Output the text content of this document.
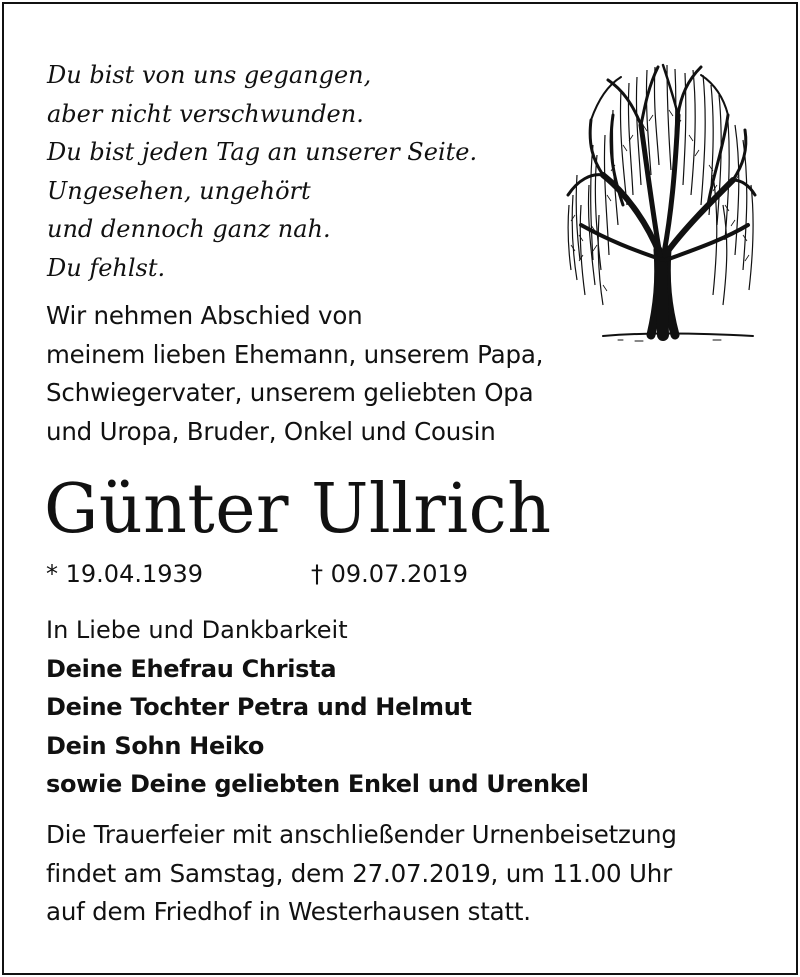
Du bist von uns gegangen,
aber nicht verschwunden.
Du bist jeden Tag an unserer Seite.
Ungesehen, ungehört
und dennoch ganz nah.
Du fehlst.
Wir nehmen Abschied von
meinem lieben Ehemann, unserem Papa,
Schwiegervater, unserem geliebten Opa
und Uropa, Bruder, Onkel und Cousin
Günter Ullrich
* 19.04.1939	† 09.07.2019
In Liebe und Dankbarkeit
Deine Ehefrau Christa
Deine Tochter Petra und Helmut
Dein Sohn Heiko
sowie Deine geliebten Enkel und Urenkel
Die Trauerfeier mit anschließender Urnenbeisetzung
findet am Samstag, dem 27.07.2019, um 11.00 Uhr
auf dem Friedhof in Westerhausen statt.
